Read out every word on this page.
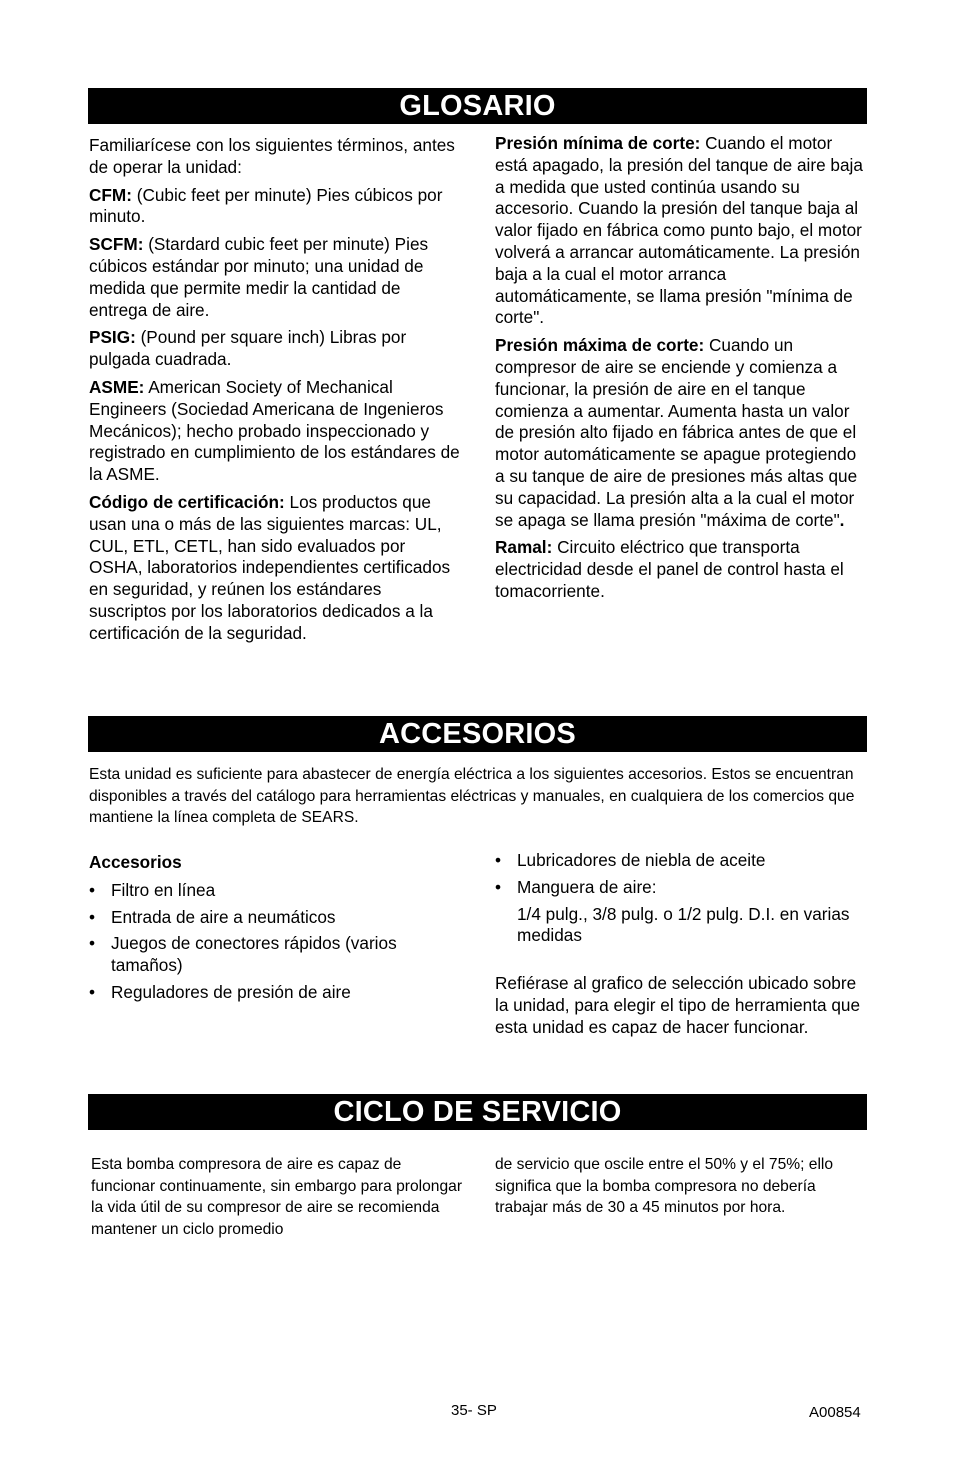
GLOSARIO

Familiarícese con los siguientes términos, antes de operar la unidad:

CFM: (Cubic feet per minute) Pies cúbicos por minuto.

SCFM: (Stardard cubic feet per minute) Pies cúbicos estándar por minuto; una unidad de medida que permite medir la cantidad de entrega de aire.

PSIG: (Pound per square inch) Libras por pulgada cuadrada.

ASME: American Society of Mechanical Engineers (Sociedad Americana de Ingenieros Mecánicos); hecho probado inspeccionado y registrado en cumplimiento de los estándares de la ASME.

Código de certificación: Los productos que usan una o más de las siguientes marcas: UL, CUL, ETL, CETL, han sido evaluados por OSHA, laboratorios independientes certificados en seguridad, y reúnen los estándares suscriptos por los laboratorios dedicados a la certificación de la seguridad.

Presión mínima de corte: Cuando el motor está apagado, la presión del tanque de aire baja a medida que usted continúa usando su accesorio. Cuando la presión del tanque baja al valor fijado en fábrica como punto bajo, el motor volverá a arrancar automáticamente. La presión baja a la cual el motor arranca automáticamente, se llama presión "mínima de corte".

Presión máxima de corte: Cuando un compresor de aire se enciende y comienza a funcionar, la presión de aire en el tanque comienza a aumentar. Aumenta hasta un valor de presión alto fijado en fábrica antes de que el motor automáticamente se apague protegiendo a su tanque de aire de presiones más altas que su capacidad. La presión alta a la cual el motor se apaga se llama presión "máxima de corte".

Ramal: Circuito eléctrico que transporta electricidad desde el panel de control hasta el tomacorriente.

ACCESORIOS
Esta unidad es suficiente para abastecer de energía eléctrica a los siguientes accesorios. Estos se encuentran disponibles a través del catálogo para herramientas eléctricas y manuales, en cualquiera de los comercios que mantiene la línea completa de SEARS.

Accesorios

• Filtro en línea
• Entrada de aire a neumáticos
• Juegos de conectores rápidos (varios tamaños)
• Reguladores de presión de aire
• Lubricadores de niebla de aceite
• Manguera de aire:

1/4 pulg., 3/8 pulg. o 1/2 pulg. D.I. en varias medidas

Refiérase al grafico de selección ubicado sobre la unidad, para elegir el tipo de herramienta que esta unidad es capaz de hacer funcionar.

CICLO DE SERVICIO
Esta bomba compresora de aire es capaz de funcionar continuamente, sin embargo para prolongar la vida útil de su compresor de aire se recomienda mantener un ciclo promedio
de servicio que oscile entre el 50% y el 75%; ello significa que la bomba compresora no debería trabajar más de 30 a 45 minutos por hora.
35- SP	A00854
